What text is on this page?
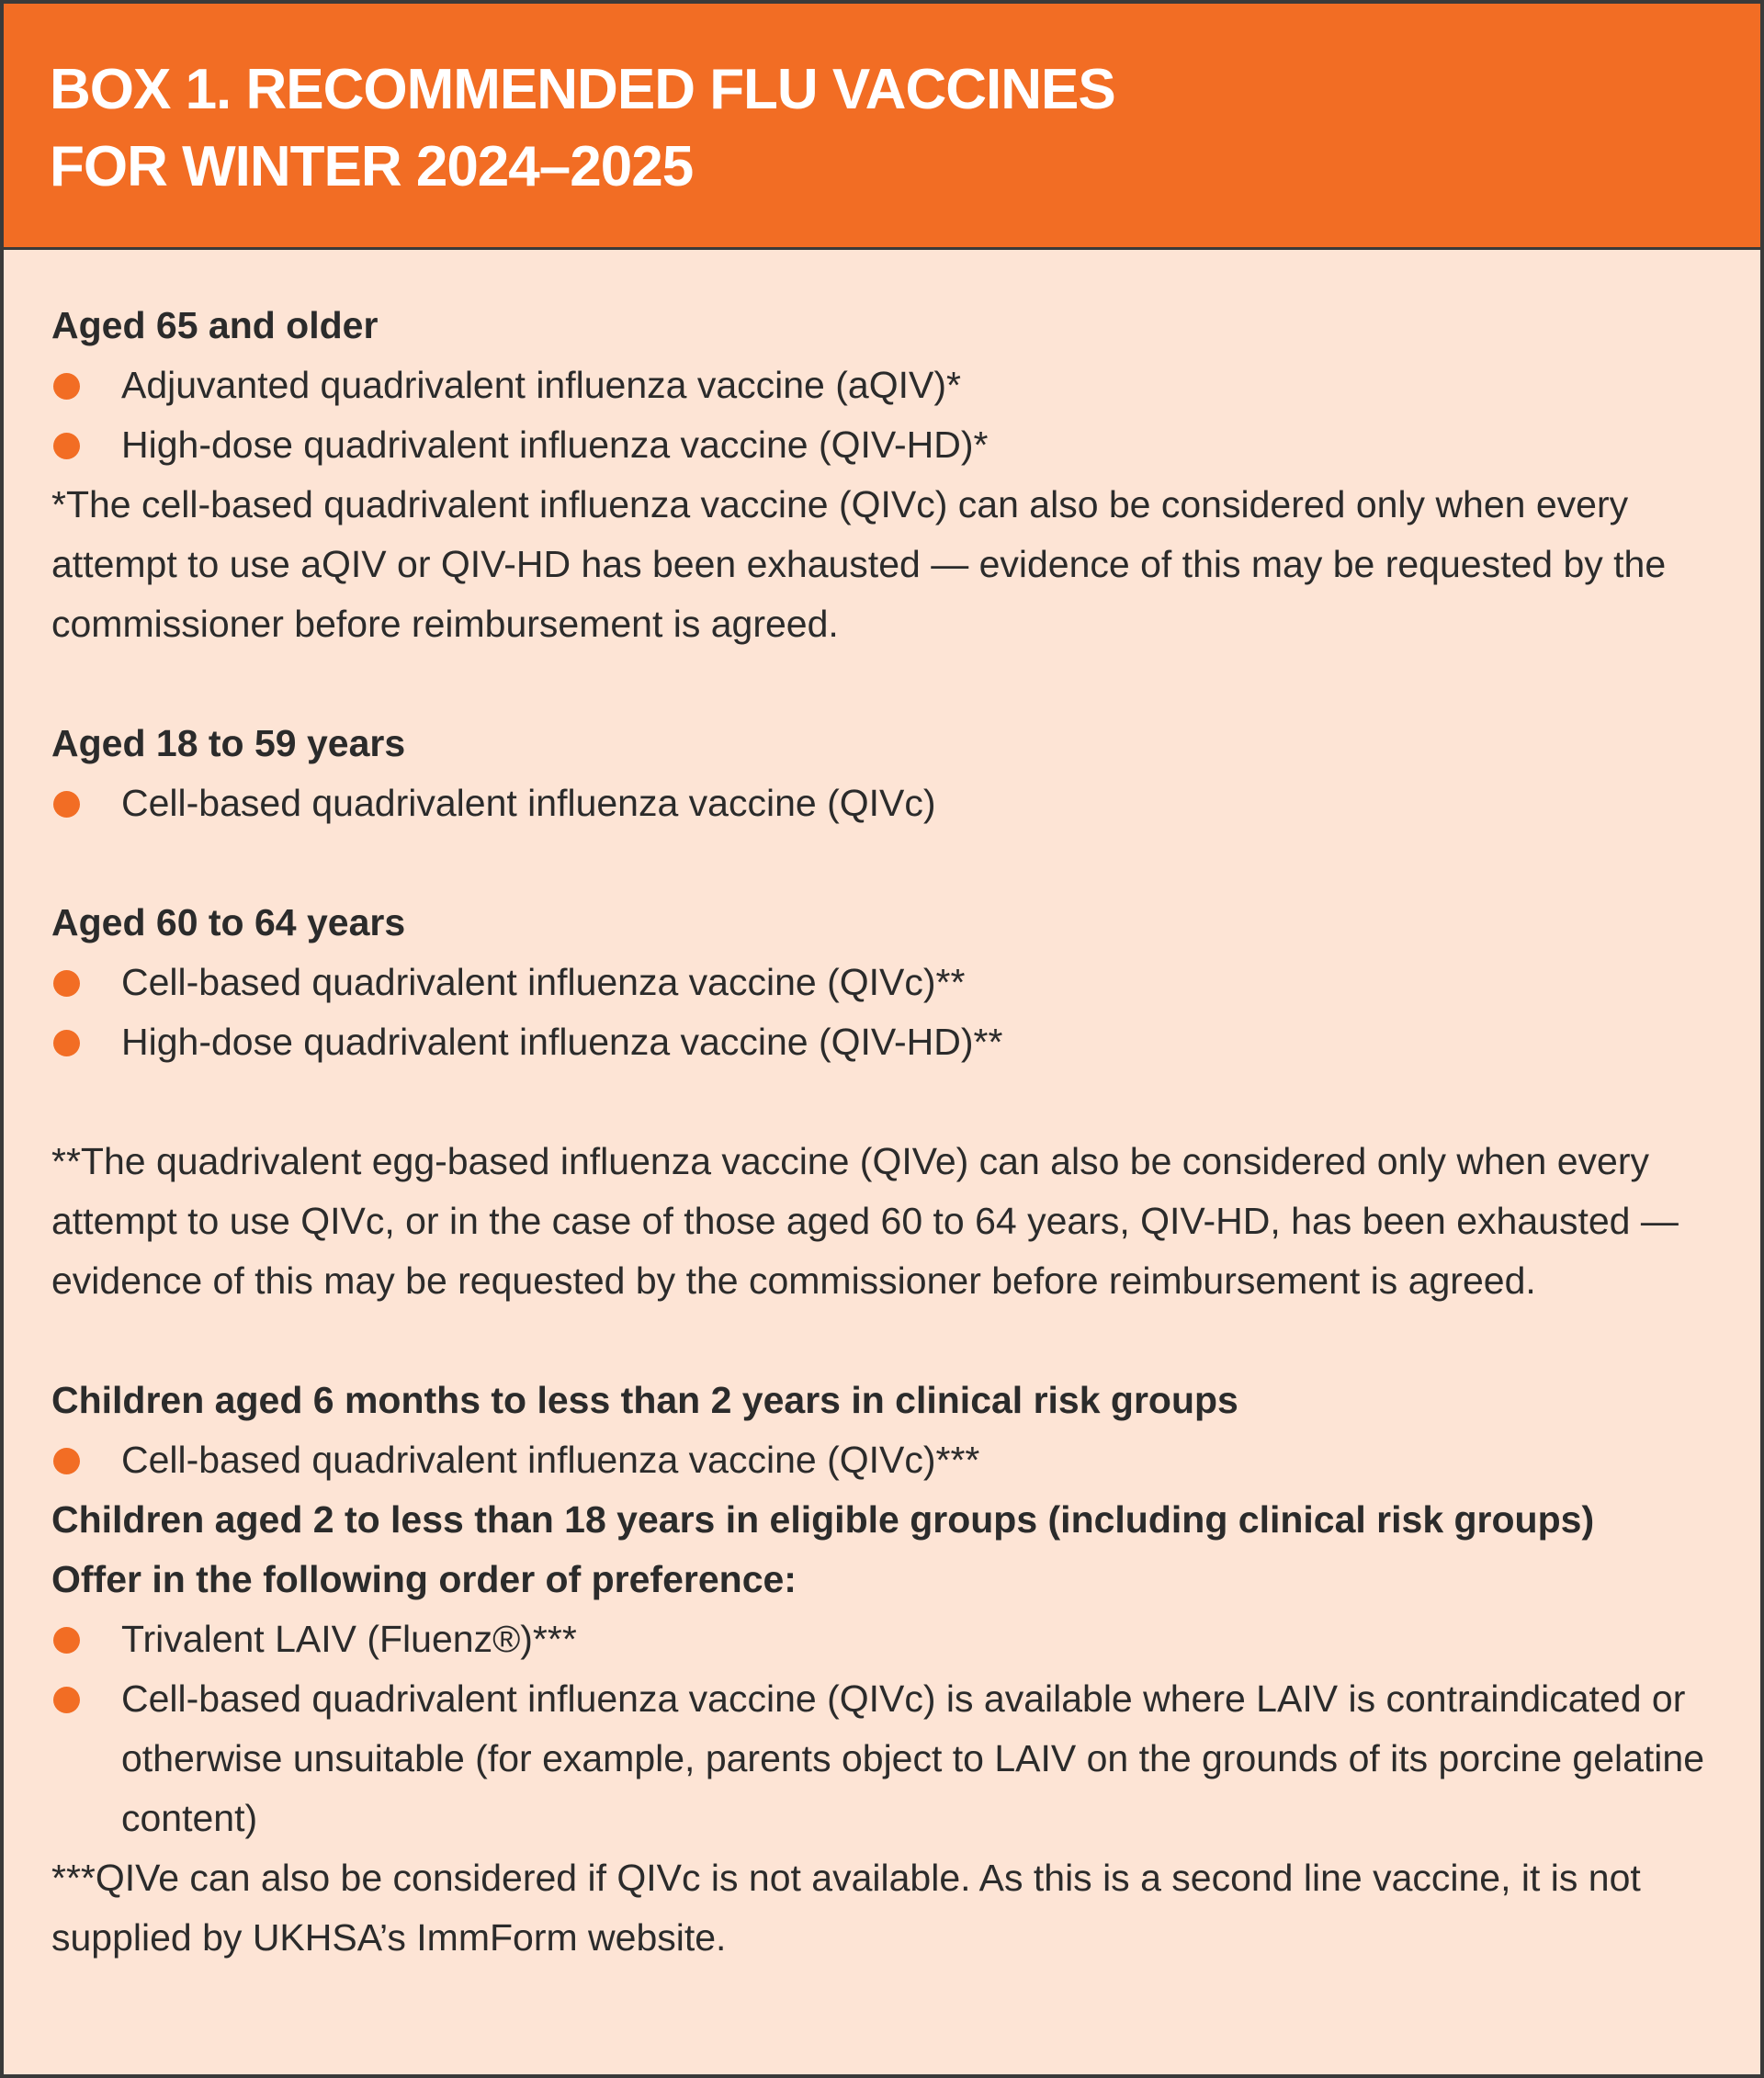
BOX 1. RECOMMENDED FLU VACCINES
FOR WINTER 2024–2025

Aged 65 and older

Adjuvanted quadrivalent influenza vaccine (aQIV)*
High-dose quadrivalent influenza vaccine (QIV-HD)*

*The cell-based quadrivalent influenza vaccine (QIVc) can also be considered only when every attempt to use aQIV or QIV-HD has been exhausted — evidence of this may be requested by the commissioner before reimbursement is agreed.

Aged 18 to 59 years

Cell-based quadrivalent influenza vaccine (QIVc)

Aged 60 to 64 years

Cell-based quadrivalent influenza vaccine (QIVc)**
High-dose quadrivalent influenza vaccine (QIV-HD)**

**The quadrivalent egg-based influenza vaccine (QIVe) can also be considered only when every attempt to use QIVc, or in the case of those aged 60 to 64 years, QIV-HD, has been exhausted — evidence of this may be requested by the commissioner before reimbursement is agreed.

Children aged 6 months to less than 2 years in clinical risk groups

Cell-based quadrivalent influenza vaccine (QIVc)***

Children aged 2 to less than 18 years in eligible groups (including clinical risk groups)

Offer in the following order of preference:

Trivalent LAIV (Fluenz®)***
Cell-based quadrivalent influenza vaccine (QIVc) is available where LAIV is contraindicated or otherwise unsuitable (for example, parents object to LAIV on the grounds of its porcine gelatine content)

***QIVe can also be considered if QIVc is not available. As this is a second line vaccine, it is not supplied by UKHSA’s ImmForm website.
